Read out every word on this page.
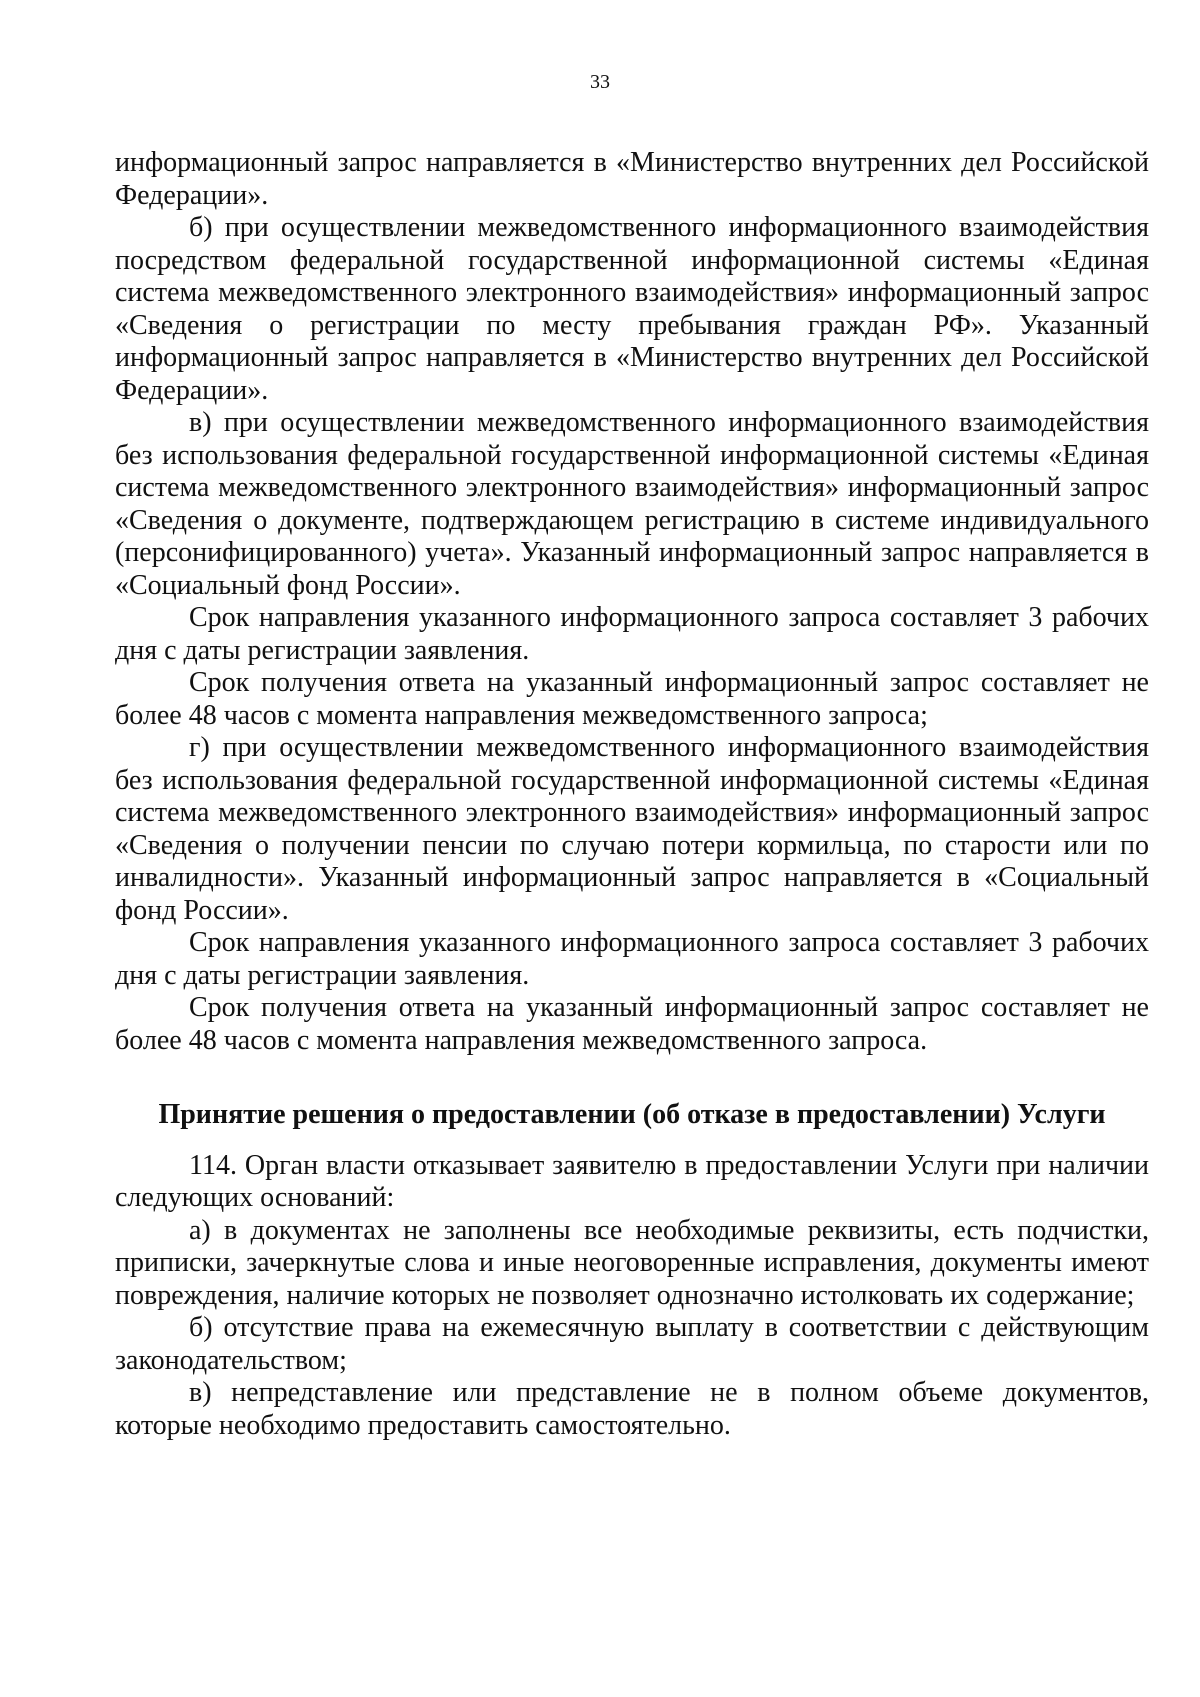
33

информационный запрос направляется в «Министерство внутренних дел Российской Федерации».

б) при осуществлении межведомственного информационного взаимодействия посредством федеральной государственной информационной системы «Единая система межведомственного электронного взаимодействия» информационный запрос «Сведения о регистрации по месту пребывания граждан РФ». Указанный информационный запрос направляется в «Министерство внутренних дел Российской Федерации».

в) при осуществлении межведомственного информационного взаимодействия без использования федеральной государственной информационной системы «Единая система межведомственного электронного взаимодействия» информационный запрос «Сведения о документе, подтверждающем регистрацию в системе индивидуального (персонифицированного) учета». Указанный информационный запрос направляется в «Социальный фонд России».

Срок направления указанного информационного запроса составляет 3 рабочих дня с даты регистрации заявления.

Срок получения ответа на указанный информационный запрос составляет не более 48 часов с момента направления межведомственного запроса;

г) при осуществлении межведомственного информационного взаимодействия без использования федеральной государственной информационной системы «Единая система межведомственного электронного взаимодействия» информационный запрос «Сведения о получении пенсии по случаю потери кормильца, по старости или по инвалидности». Указанный информационный запрос направляется в «Социальный фонд России».

Срок направления указанного информационного запроса составляет 3 рабочих дня с даты регистрации заявления.

Срок получения ответа на указанный информационный запрос составляет не более 48 часов с момента направления межведомственного запроса.

Принятие решения о предоставлении (об отказе в предоставлении) Услуги

114. Орган власти отказывает заявителю в предоставлении Услуги при наличии следующих оснований:

а) в документах не заполнены все необходимые реквизиты, есть подчистки, приписки, зачеркнутые слова и иные неоговоренные исправления, документы имеют повреждения, наличие которых не позволяет однозначно истолковать их содержание;

б) отсутствие права на ежемесячную выплату в соответствии с действующим законодательством;

в) непредставление или представление не в полном объеме документов, которые необходимо предоставить самостоятельно.
